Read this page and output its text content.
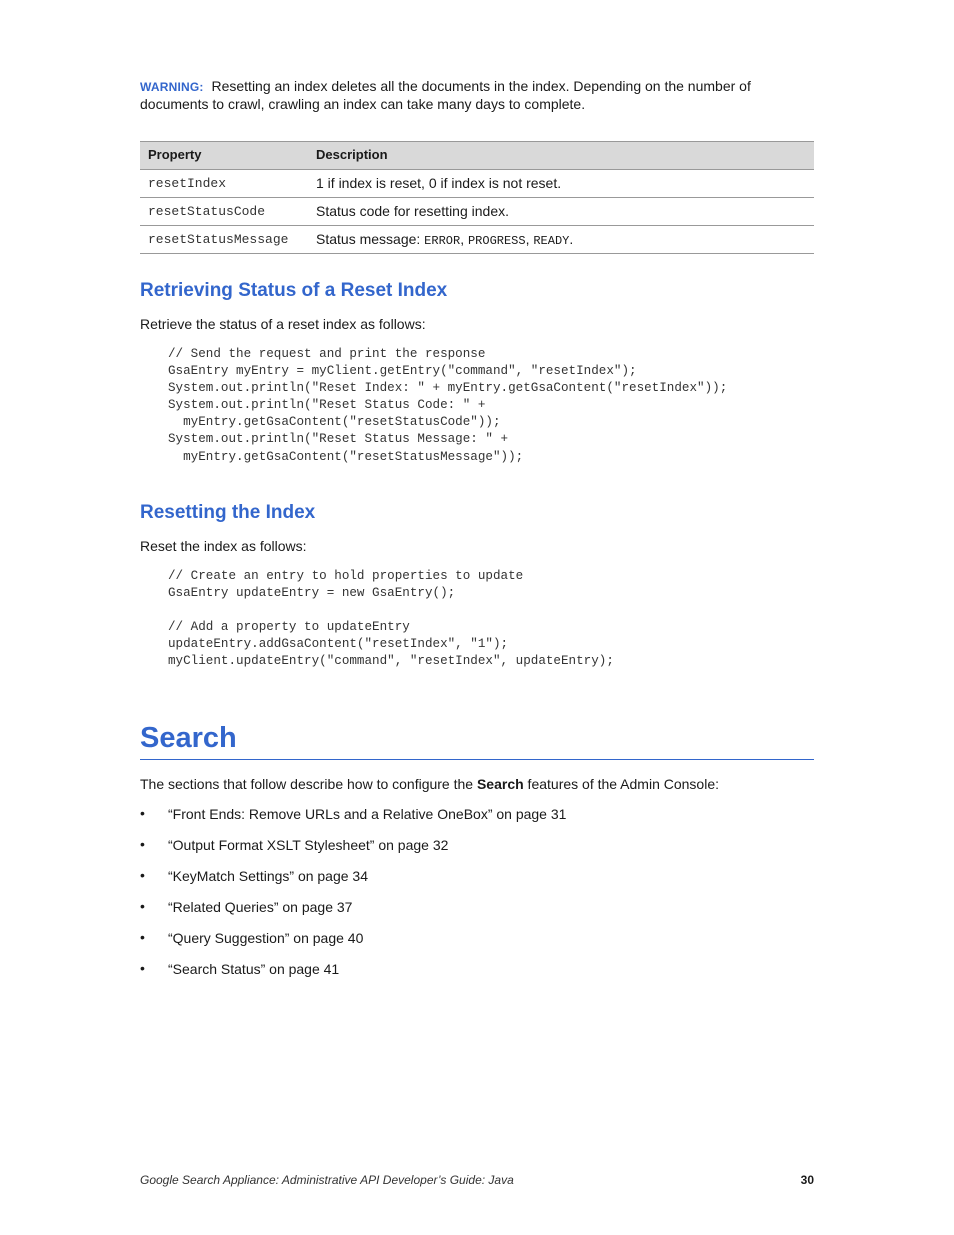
WARNING: Resetting an index deletes all the documents in the index. Depending on the number of documents to crawl, crawling an index can take many days to complete.

Property	Description
resetIndex	1 if index is reset, 0 if index is not reset.
resetStatusCode	Status code for resetting index.
resetStatusMessage	Status message: ERROR, PROGRESS, READY.
Retrieving Status of a Reset Index

Retrieve the status of a reset index as follows:

// Send the request and print the response
GsaEntry myEntry = myClient.getEntry("command", "resetIndex");
System.out.println("Reset Index: " + myEntry.getGsaContent("resetIndex"));
System.out.println("Reset Status Code: " +
myEntry.getGsaContent("resetStatusCode"));
System.out.println("Reset Status Message: " +
myEntry.getGsaContent("resetStatusMessage"));
Resetting the Index

Reset the index as follows:

// Create an entry to hold properties to update
GsaEntry updateEntry = new GsaEntry();

// Add a property to updateEntry
updateEntry.addGsaContent("resetIndex", "1");
myClient.updateEntry("command", "resetIndex", updateEntry);
Search

The sections that follow describe how to configure the Search features of the Admin Console:

• “Front Ends: Remove URLs and a Relative OneBox” on page 31
• “Output Format XSLT Stylesheet” on page 32
• “KeyMatch Settings” on page 34
• “Related Queries” on page 37
• “Query Suggestion” on page 40
• “Search Status” on page 41
Google Search Appliance: Administrative API Developer’s Guide: Java	30
